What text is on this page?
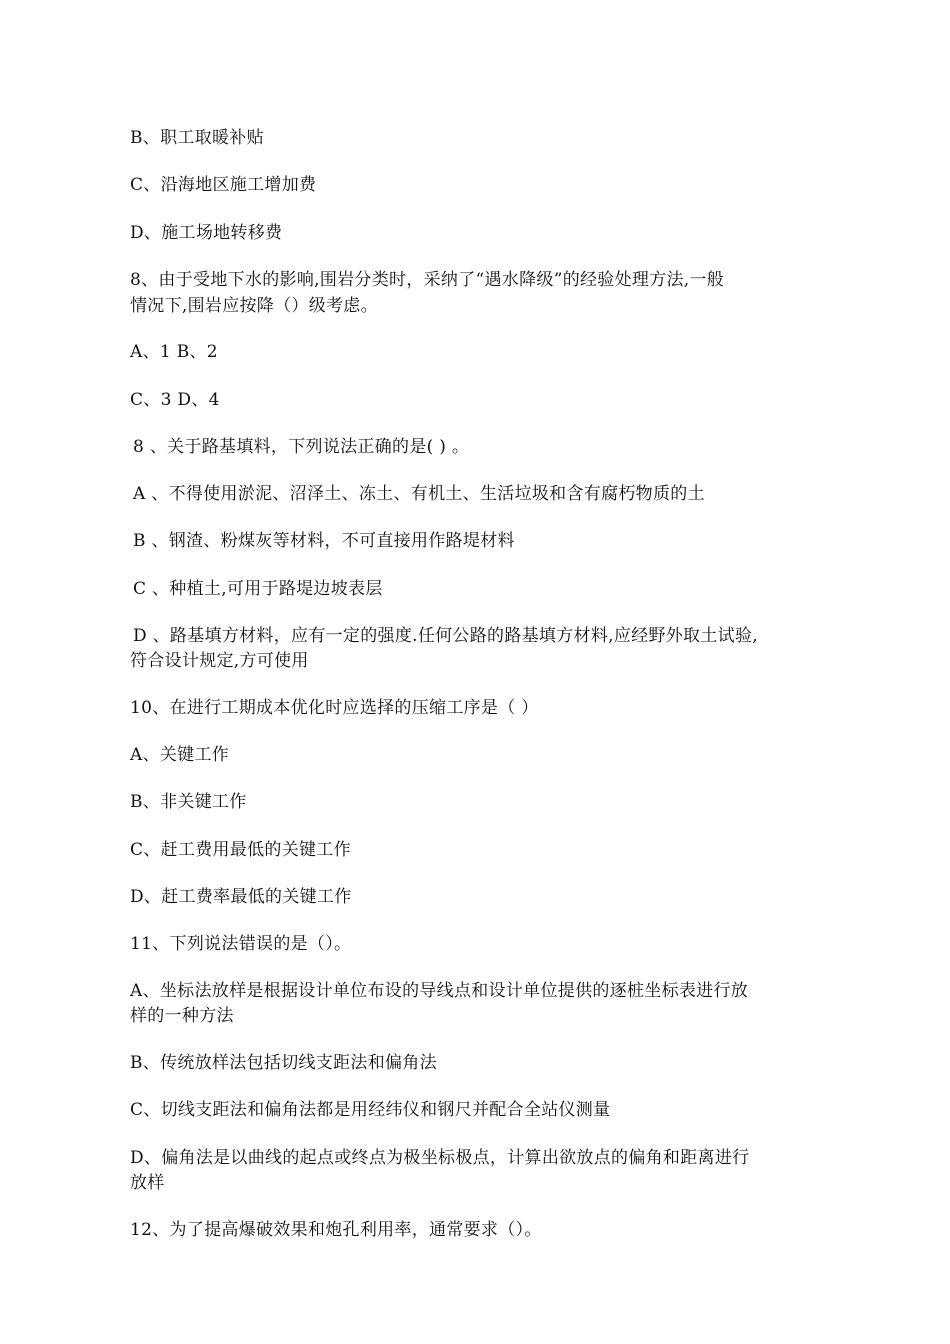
B、职工取暖补贴
C、沿海地区施工增加费
D、施工场地转移费
8、由于受地下水的影响,围岩分类时，采纳了“遇水降级”的经验处理方法,一般
情况下,围岩应按降（）级考虑。
A、1 B、2
C、3 D、4
8 、关于路基填料，下列说法正确的是( ) 。
A 、不得使用淤泥、沼泽土、冻土、有机土、生活垃圾和含有腐朽物质的土
B 、钢渣、粉煤灰等材料，不可直接用作路堤材料
C 、种植土,可用于路堤边坡表层
D 、路基填方材料，应有一定的强度.任何公路的路基填方材料,应经野外取土试验,
符合设计规定,方可使用
10、在进行工期成本优化时应选择的压缩工序是（ ）
A、关键工作
B、非关键工作
C、赶工费用最低的关键工作
D、赶工费率最低的关键工作
11、下列说法错误的是（）。
A、坐标法放样是根据设计单位布设的导线点和设计单位提供的逐桩坐标表进行放
样的一种方法
B、传统放样法包括切线支距法和偏角法
C、切线支距法和偏角法都是用经纬仪和钢尺并配合全站仪测量
D、偏角法是以曲线的起点或终点为极坐标极点，计算出欲放点的偏角和距离进行
放样
12、为了提高爆破效果和炮孔利用率，通常要求（）。
